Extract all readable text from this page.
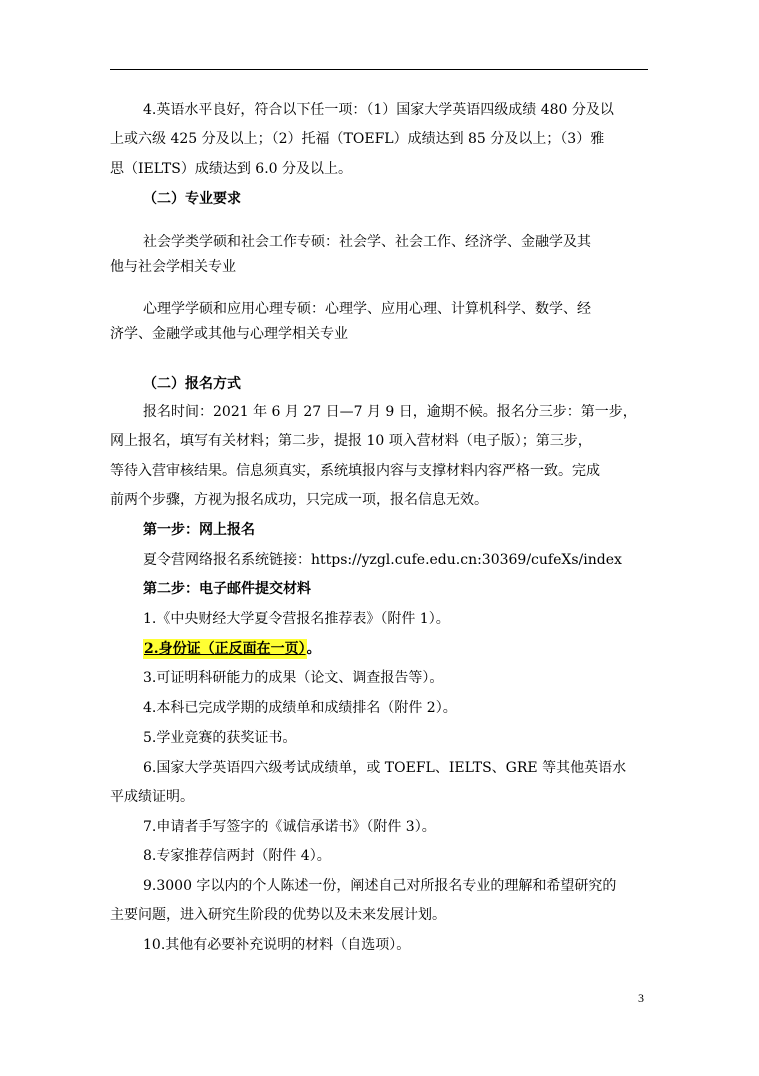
4.英语水平良好，符合以下任一项：（1）国家大学英语四级成绩 480 分及以
上或六级 425 分及以上；（2）托福（TOEFL）成绩达到 85 分及以上；（3）雅
思（IELTS）成绩达到 6.0 分及以上。
（二）专业要求
社会学类学硕和社会工作专硕：社会学、社会工作、经济学、金融学及其
他与社会学相关专业
心理学学硕和应用心理专硕：心理学、应用心理、计算机科学、数学、经
济学、金融学或其他与心理学相关专业
（二）报名方式
报名时间：2021 年 6 月 27 日—7 月 9 日，逾期不候。报名分三步：第一步，
网上报名，填写有关材料；第二步，提报 10 项入营材料（电子版）；第三步，
等待入营审核结果。信息须真实，系统填报内容与支撑材料内容严格一致。完成
前两个步骤，方视为报名成功，只完成一项，报名信息无效。
第一步：网上报名
夏令营网络报名系统链接：https://yzgl.cufe.edu.cn:30369/cufeXs/index
第二步：电子邮件提交材料
1.《中央财经大学夏令营报名推荐表》（附件 1）。
2.身份证（正反面在一页）。
3.可证明科研能力的成果（论文、调查报告等）。
4.本科已完成学期的成绩单和成绩排名（附件 2）。
5.学业竞赛的获奖证书。
6.国家大学英语四六级考试成绩单，或 TOEFL、IELTS、GRE 等其他英语水
平成绩证明。
7.申请者手写签字的《诚信承诺书》（附件 3）。
8.专家推荐信两封（附件 4）。
9.3000 字以内的个人陈述一份，阐述自己对所报名专业的理解和希望研究的
主要问题，进入研究生阶段的优势以及未来发展计划。
10.其他有必要补充说明的材料（自选项）。
3
